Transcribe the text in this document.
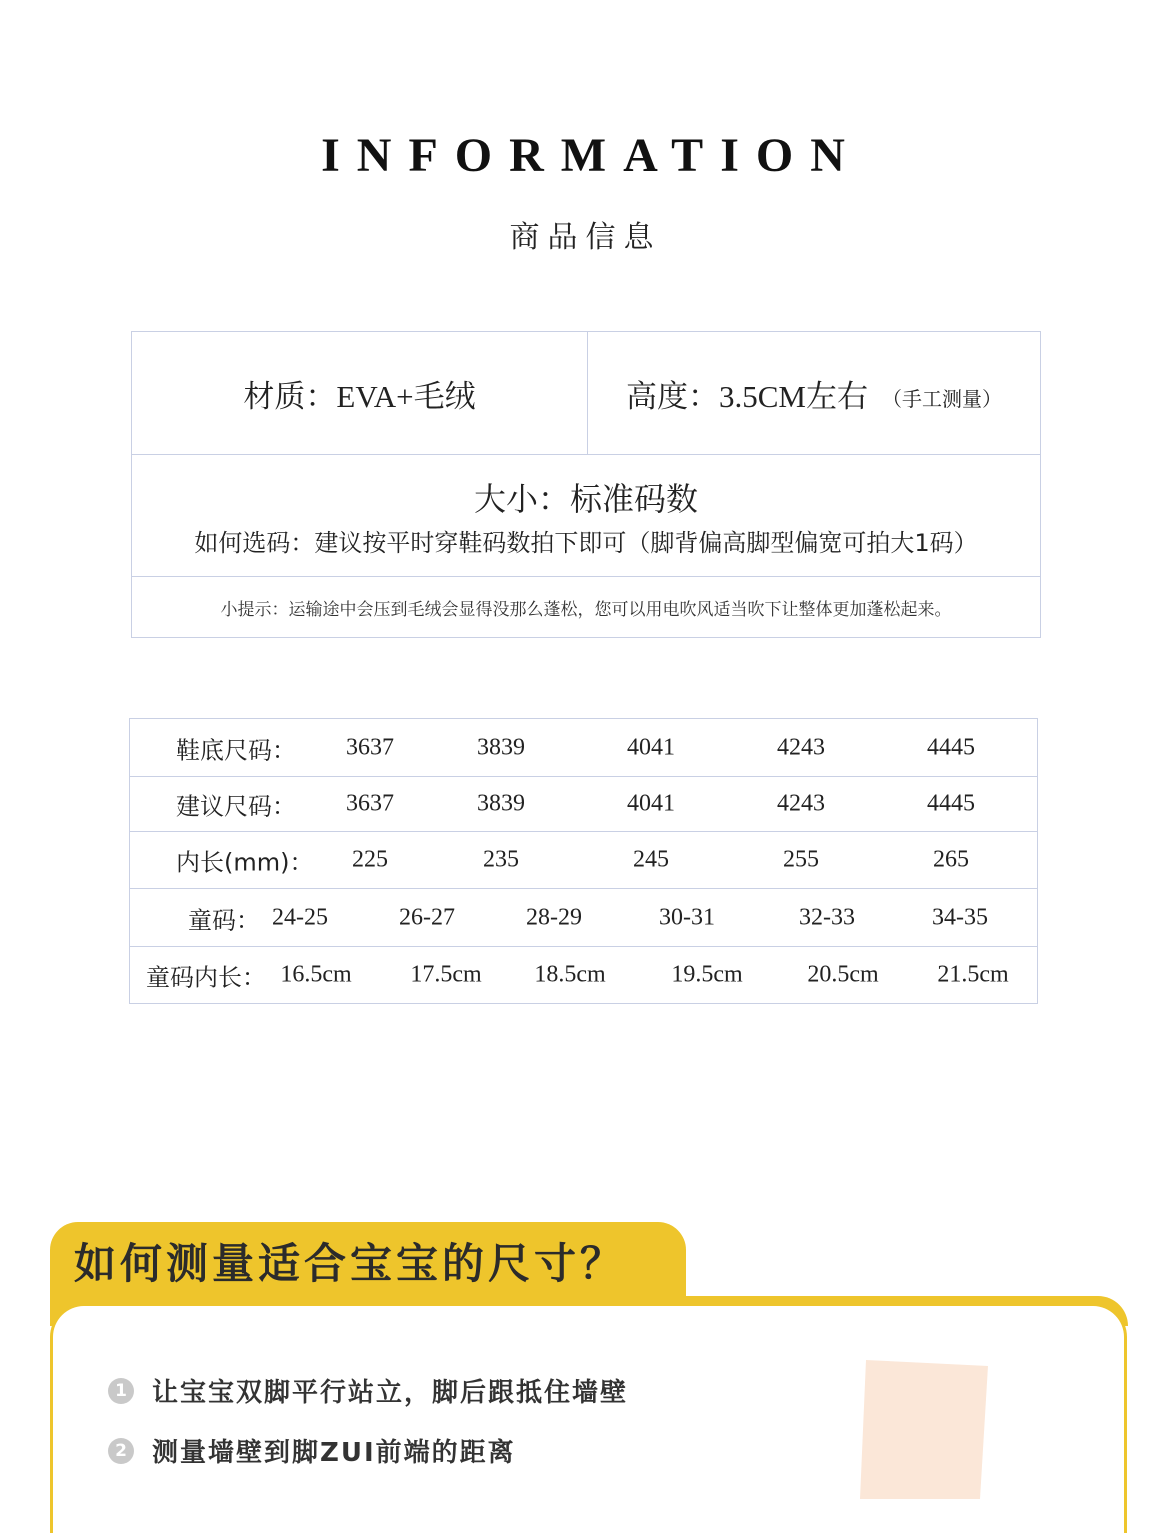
INFORMATION
商品信息
材质： EVA+毛绒	高度： 3.5CM左右 （手工测量）
大小：标准码数
如何选码：建议按平时穿鞋码数拍下即可（脚背偏高脚型偏宽可拍大1码）
小提示：运输途中会压到毛绒会显得没那么蓬松，您可以用电吹风适当吹下让整体更加蓬松起来。
鞋底尺码： 3637	3839	4041	4243	4445
建议尺码： 3637	3839	4041	4243	4445
内长(mm)： 225	235	245	255	265
童码： 24-25	26-27	28-29	30-31	32-33	34-35
童码内长： 16.5cm 17.5cm 18.5cm	19.5cm	20.5cm 21.5cm
如何测量适合宝宝的尺寸？
1 让宝宝双脚平行站立，脚后跟抵住墙壁
2 测量墙壁到脚ZUI前端的距离
